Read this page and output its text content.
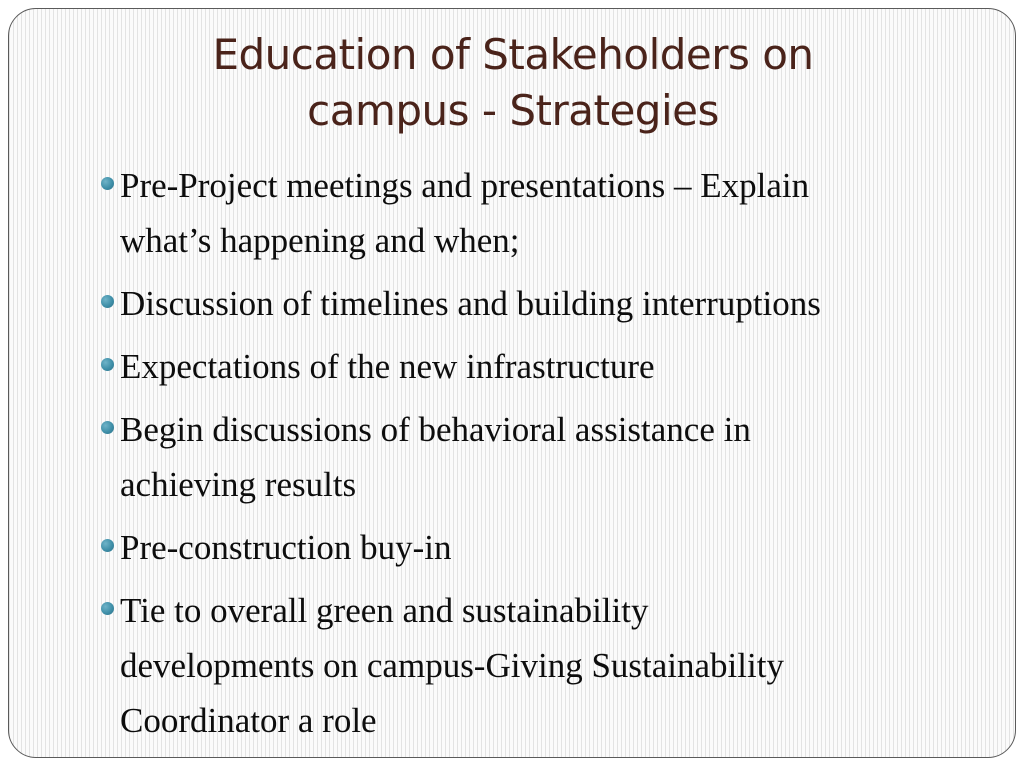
Education of Stakeholders on
campus - Strategies
Pre-Project meetings and presentations – Explain
what’s happening and when;
Discussion of timelines and building interruptions
Expectations of the new infrastructure
Begin discussions of behavioral assistance in
achieving results
Pre-construction buy-in
Tie to overall green and sustainability
developments on campus-Giving Sustainability
Coordinator a role
